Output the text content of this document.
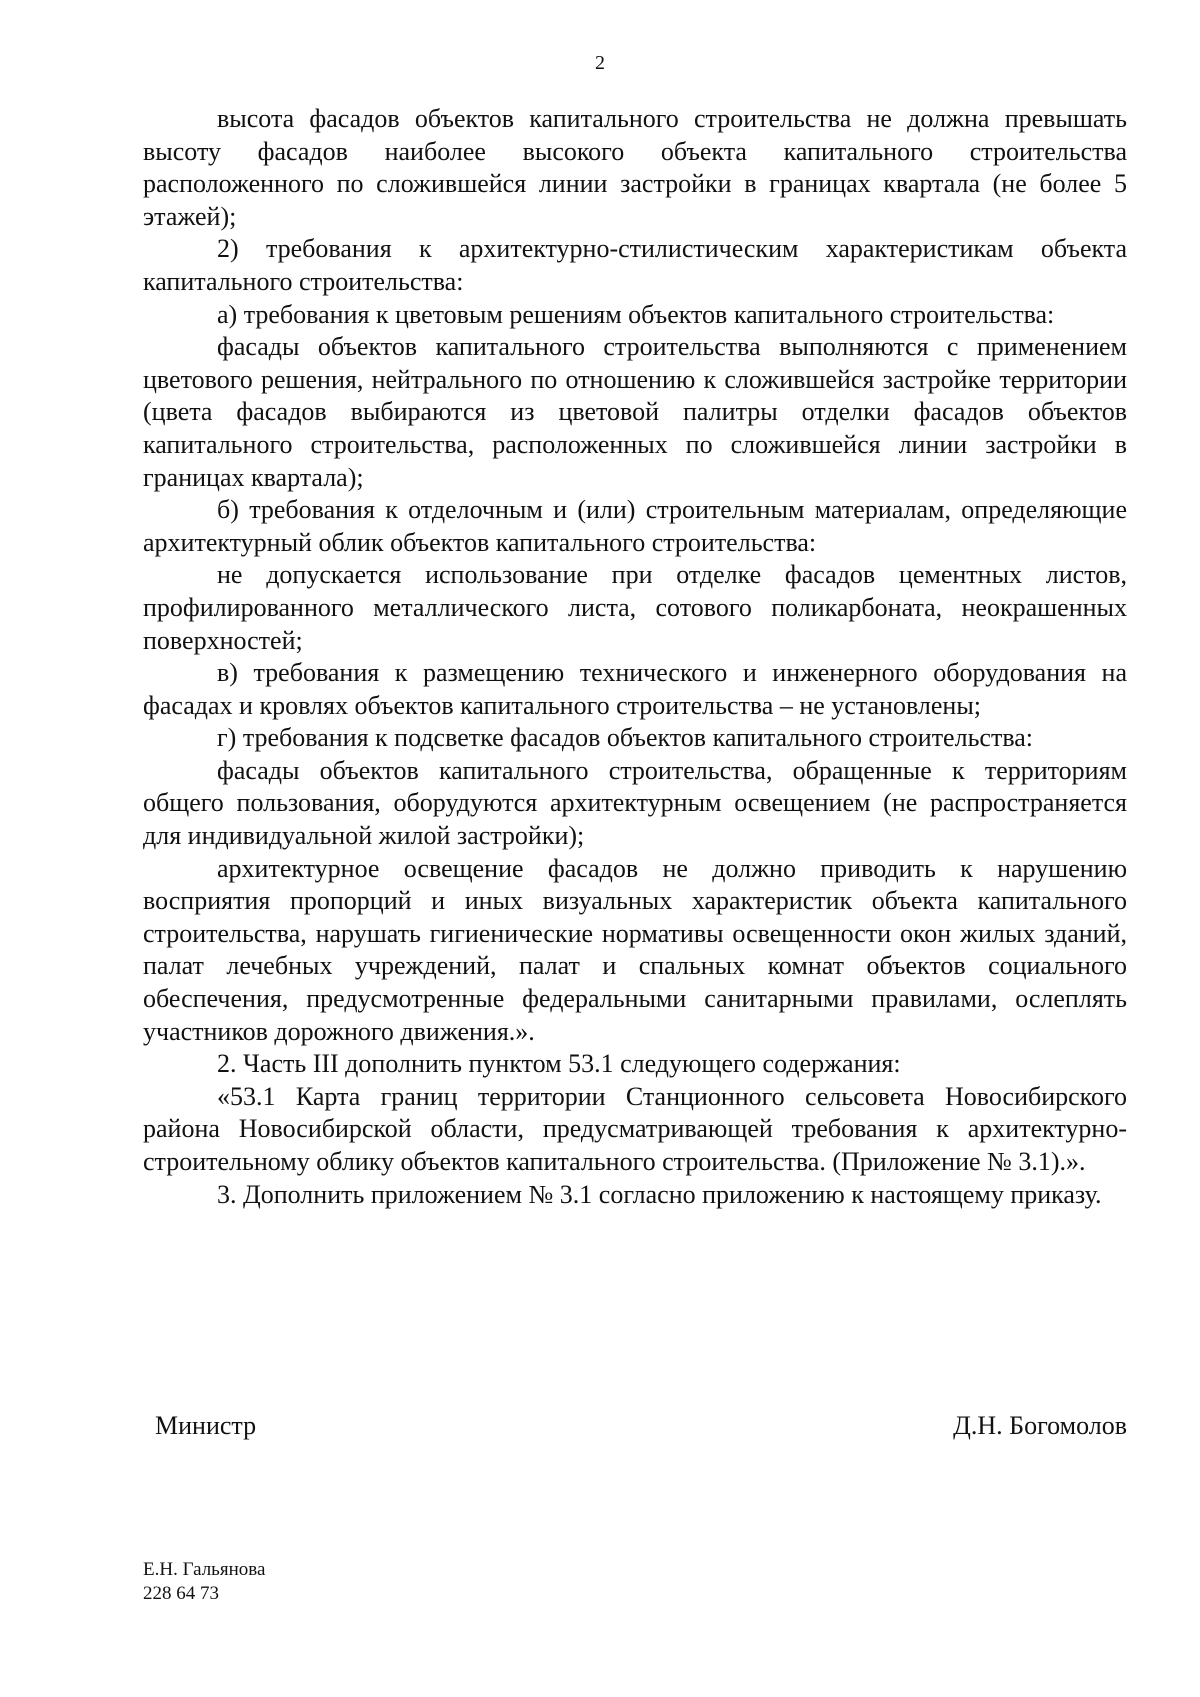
2

высота фасадов объектов капитального строительства не должна превышать высоту фасадов наиболее высокого объекта капитального строительства расположенного по сложившейся линии застройки в границах квартала (не более 5 этажей);

2) требования к архитектурно-стилистическим характеристикам объекта капитального строительства:

а) требования к цветовым решениям объектов капитального строительства:

фасады объектов капитального строительства выполняются с применением цветового решения, нейтрального по отношению к сложившейся застройке территории (цвета фасадов выбираются из цветовой палитры отделки фасадов объектов капитального строительства, расположенных по сложившейся линии застройки в границах квартала);

б) требования к отделочным и (или) строительным материалам, определяющие архитектурный облик объектов капитального строительства:

не допускается использование при отделке фасадов цементных листов, профилированного металлического листа, сотового поликарбоната, неокрашенных поверхностей;

в) требования к размещению технического и инженерного оборудования на фасадах и кровлях объектов капитального строительства – не установлены;

г) требования к подсветке фасадов объектов капитального строительства:

фасады объектов капитального строительства, обращенные к территориям общего пользования, оборудуются архитектурным освещением (не распространяется для индивидуальной жилой застройки);

архитектурное освещение фасадов не должно приводить к нарушению восприятия пропорций и иных визуальных характеристик объекта капитального строительства, нарушать гигиенические нормативы освещенности окон жилых зданий, палат лечебных учреждений, палат и спальных комнат объектов социального обеспечения, предусмотренные федеральными санитарными правилами, ослеплять участников дорожного движения.».

2. Часть III дополнить пунктом 53.1 следующего содержания:

«53.1 Карта границ территории Станционного сельсовета Новосибирского района Новосибирской области, предусматривающей требования к архитектурно-строительному облику объектов капитального строительства. (Приложение № 3.1).».

3. Дополнить приложением № 3.1 согласно приложению к настоящему приказу.

Министр	Д.Н. Богомолов
Е.Н. Гальянова
228 64 73
